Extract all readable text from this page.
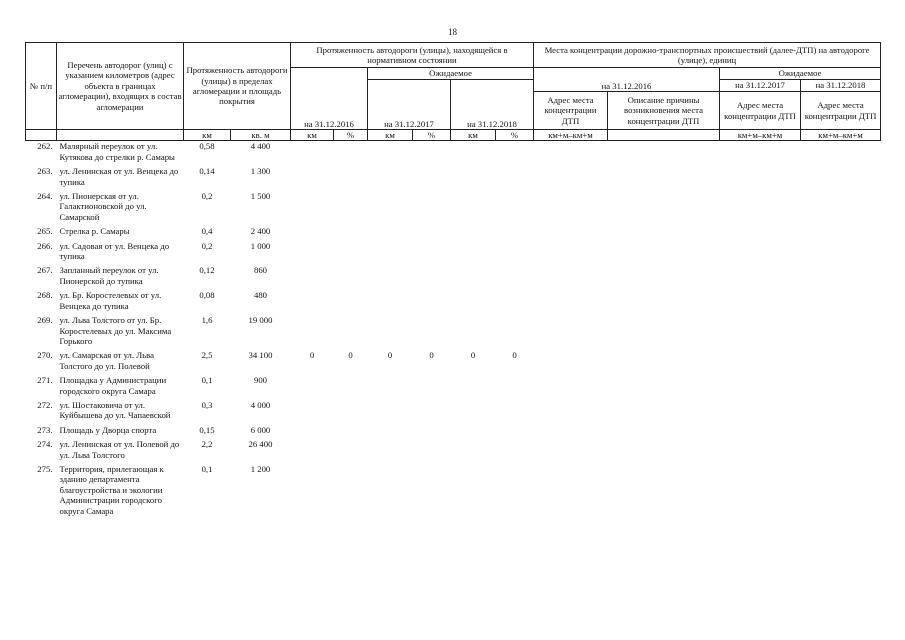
18
№ п/п	Перечень автодорог (улиц) с указанием километров (адрес объекта в границах агломерации), входящих в состав агломерации	Протяженность автодороги (улицы) в пределах агломерации и площадь покрытия		Протяженность автодороги (улицы), находящейся в нормативном состоянии						Места концентрации дорожно-транспортных происшествий (далее-ДТП) на автодороге (улице), единиц			
				на 31.12.2016		Ожидаемое				на 31.12.2016		Ожидаемое	
						на 31.12.2017		на 31.12.2018				на 31.12.2017	на 31.12.2018
										Адрес места концентрации ДТП	Описание причины возникновения места концентрации ДТП	Адрес места концентрации ДТП	Адрес места концентрации ДТП
		км	кв. м	км	%	км	%	км	%	км+м–км+м		км+м–км+м	км+м–км+м
262.	Малярный переулок от ул. Кутякова до стрелки р. Самары	0,58	4 400										
263.	ул. Ленинская от ул. Венцека до тупика	0,14	1 300										
264.	ул. Пионерская от ул. Галактионовской до ул. Самарской	0,2	1 500										
265.	Стрелка р. Самары	0,4	2 400										
266.	ул. Садовая от ул. Венцека до тупика	0,2	1 000										
267.	Запланный переулок от ул. Пионерской до тупика	0,12	860										
268.	ул. Бр. Коростелевых от ул. Венцека до тупика	0,08	480										
269.	ул. Льва Толстого от ул. Бр. Коростелевых до ул. Максима Горького	1,6	19 000										
270.	ул. Самарская от ул. Льва Толстого до ул. Полевой	2,5	34 100	0	0	0	0	0	0				
271.	Площадка у Администрации городского округа Самара	0,1	900										
272.	ул. Шостаковича от ул. Куйбышева до ул. Чапаевской	0,3	4 000										
273.	Площадь у Дворца спорта	0,15	6 000										
274.	ул. Ленинская от ул. Полевой до ул. Льва Толстого	2,2	26 400										
275.	Территория, прилегающая к зданию департамента благоустройства и экологии Администрации городского округа Самара	0,1	1 200										
